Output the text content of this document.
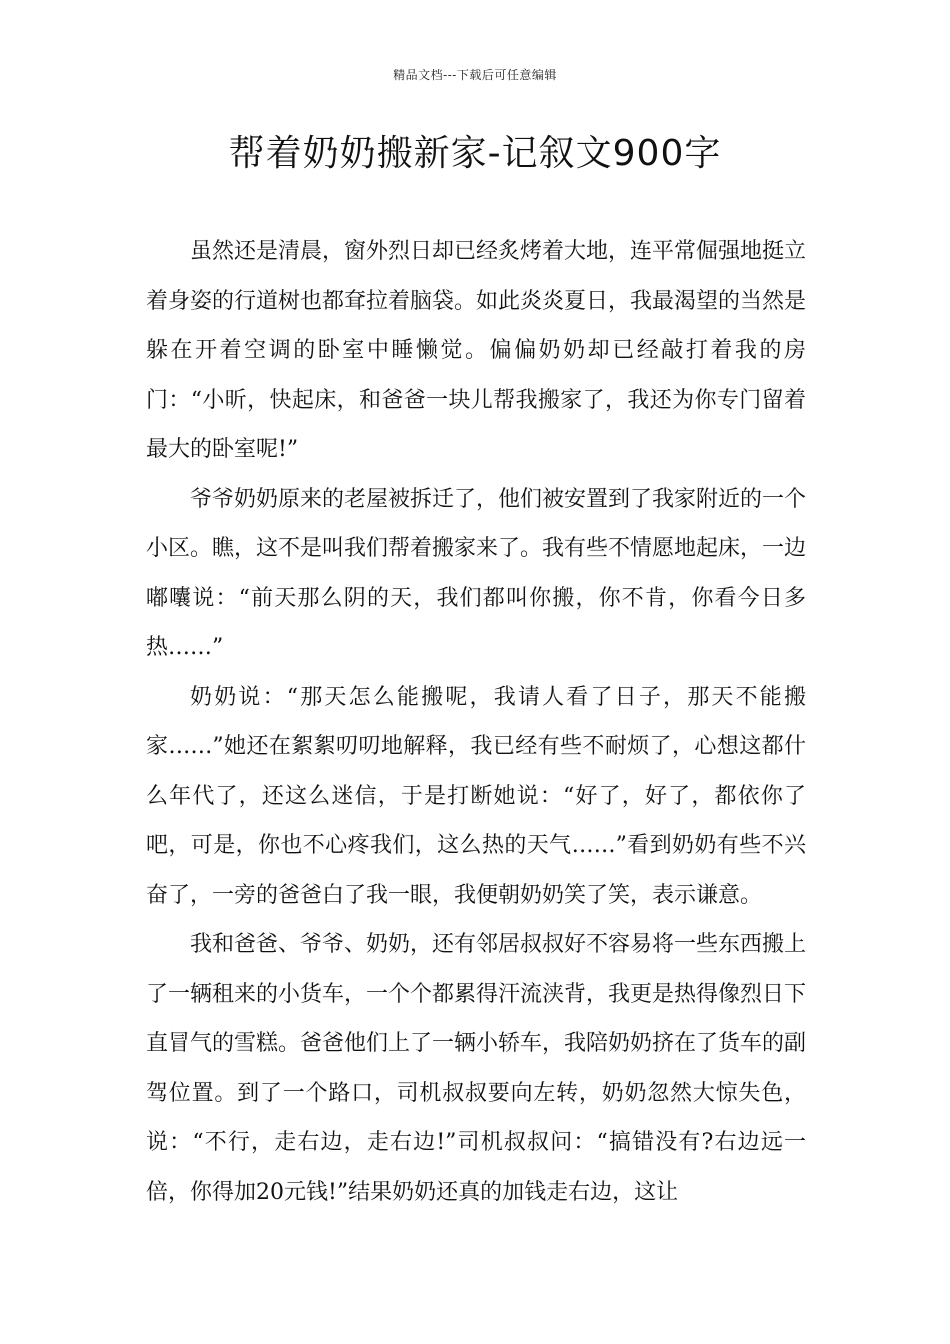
精品文档---下载后可任意编辑
帮着奶奶搬新家-记叙文900字

虽然还是清晨，窗外烈日却已经炙烤着大地，连平常倔强地挺立着身姿的行道树也都耷拉着脑袋。如此炎炎夏日，我最渴望的当然是躲在开着空调的卧室中睡懒觉。偏偏奶奶却已经敲打着我的房门：“小昕，快起床，和爸爸一块儿帮我搬家了，我还为你专门留着最大的卧室呢!”

爷爷奶奶原来的老屋被拆迁了，他们被安置到了我家附近的一个小区。瞧，这不是叫我们帮着搬家来了。我有些不情愿地起床，一边嘟囔说：“前天那么阴的天，我们都叫你搬，你不肯，你看今日多热……”

奶奶说：“那天怎么能搬呢，我请人看了日子，那天不能搬家……”她还在絮絮叨叨地解释，我已经有些不耐烦了，心想这都什么年代了，还这么迷信，于是打断她说：“好了，好了，都依你了吧，可是，你也不心疼我们，这么热的天气……”看到奶奶有些不兴奋了，一旁的爸爸白了我一眼，我便朝奶奶笑了笑，表示谦意。

我和爸爸、爷爷、奶奶，还有邻居叔叔好不容易将一些东西搬上了一辆租来的小货车，一个个都累得汗流浃背，我更是热得像烈日下直冒气的雪糕。爸爸他们上了一辆小轿车，我陪奶奶挤在了货车的副驾位置。到了一个路口，司机叔叔要向左转，奶奶忽然大惊失色，说：“不行，走右边，走右边!”司机叔叔问：“搞错没有?右边远一倍，你得加20元钱!”结果奶奶还真的加钱走右边，这让
